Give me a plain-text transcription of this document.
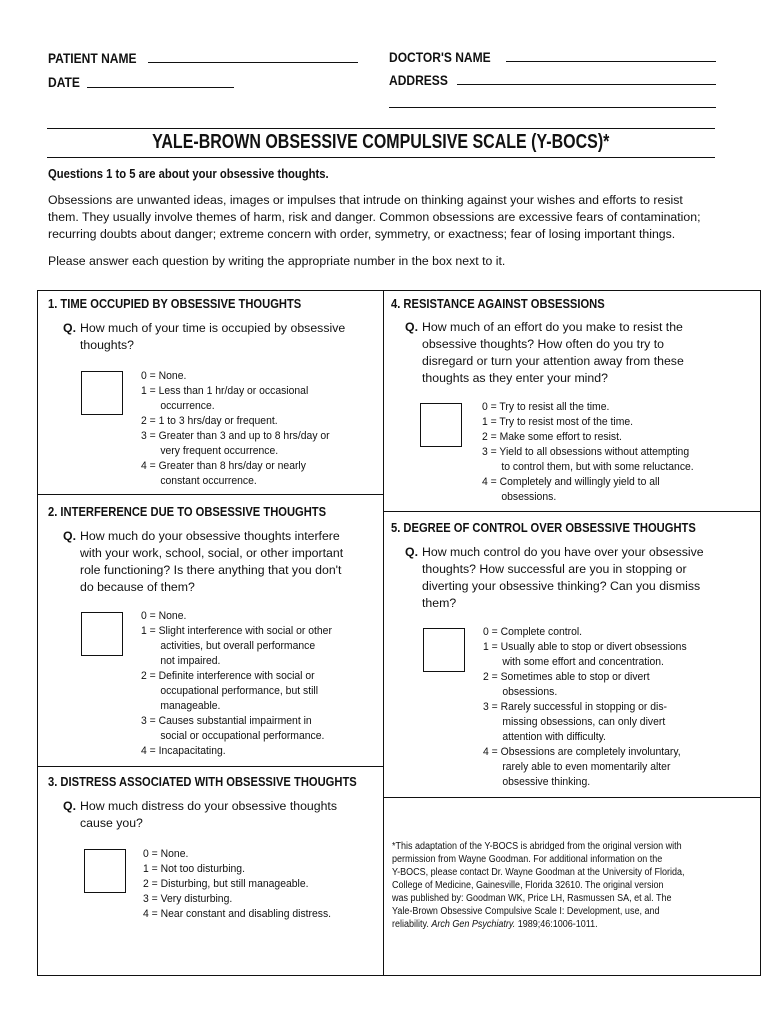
PATIENT NAME
DATE
DOCTOR'S NAME
ADDRESS
YALE-BROWN OBSESSIVE COMPULSIVE SCALE (Y-BOCS)*
Questions 1 to 5 are about your obsessive thoughts.
Obsessions are unwanted ideas, images or impulses that intrude on thinking against your wishes and efforts to resist
them. They usually involve themes of harm, risk and danger. Common obsessions are excessive fears of contamination;
recurring doubts about danger; extreme concern with order, symmetry, or exactness; fear of losing important things.
Please answer each question by writing the appropriate number in the box next to it.
1. TIME OCCUPIED BY OBSESSIVE THOUGHTS
Q. How much of your time is occupied by obsessive
thoughts?
0 = None.
1 = Less than 1 hr/day or occasional
occurrence.
2 = 1 to 3 hrs/day or frequent.
3 = Greater than 3 and up to 8 hrs/day or
very frequent occurrence.
4 = Greater than 8 hrs/day or nearly
constant occurrence.
2. INTERFERENCE DUE TO OBSESSIVE THOUGHTS
Q. How much do your obsessive thoughts interfere
with your work, school, social, or other important
role functioning? Is there anything that you don't
do because of them?
0 = None.
1 = Slight interference with social or other
activities, but overall performance
not impaired.
2 = Definite interference with social or
occupational performance, but still
manageable.
3 = Causes substantial impairment in
social or occupational performance.
4 = Incapacitating.
3. DISTRESS ASSOCIATED WITH OBSESSIVE THOUGHTS
Q. How much distress do your obsessive thoughts
cause you?
0 = None.
1 = Not too disturbing.
2 = Disturbing, but still manageable.
3 = Very disturbing.
4 = Near constant and disabling distress.
4. RESISTANCE AGAINST OBSESSIONS
Q. How much of an effort do you make to resist the
obsessive thoughts? How often do you try to
disregard or turn your attention away from these
thoughts as they enter your mind?
0 = Try to resist all the time.
1 = Try to resist most of the time.
2 = Make some effort to resist.
3 = Yield to all obsessions without attempting
to control them, but with some reluctance.
4 = Completely and willingly yield to all
obsessions.
5. DEGREE OF CONTROL OVER OBSESSIVE THOUGHTS
Q. How much control do you have over your obsessive
thoughts? How successful are you in stopping or
diverting your obsessive thinking? Can you dismiss
them?
0 = Complete control.
1 = Usually able to stop or divert obsessions
with some effort and concentration.
2 = Sometimes able to stop or divert
obsessions.
3 = Rarely successful in stopping or dis-
missing obsessions, can only divert
attention with difficulty.
4 = Obsessions are completely involuntary,
rarely able to even momentarily alter
obsessive thinking.
*This adaptation of the Y-BOCS is abridged from the original version with
permission from Wayne Goodman. For additional information on the
Y-BOCS, please contact Dr. Wayne Goodman at the University of Florida,
College of Medicine, Gainesville, Florida 32610. The original version
was published by: Goodman WK, Price LH, Rasmussen SA, et al. The
Yale-Brown Obsessive Compulsive Scale I: Development, use, and
reliability. Arch Gen Psychiatry. 1989;46:1006-1011.
